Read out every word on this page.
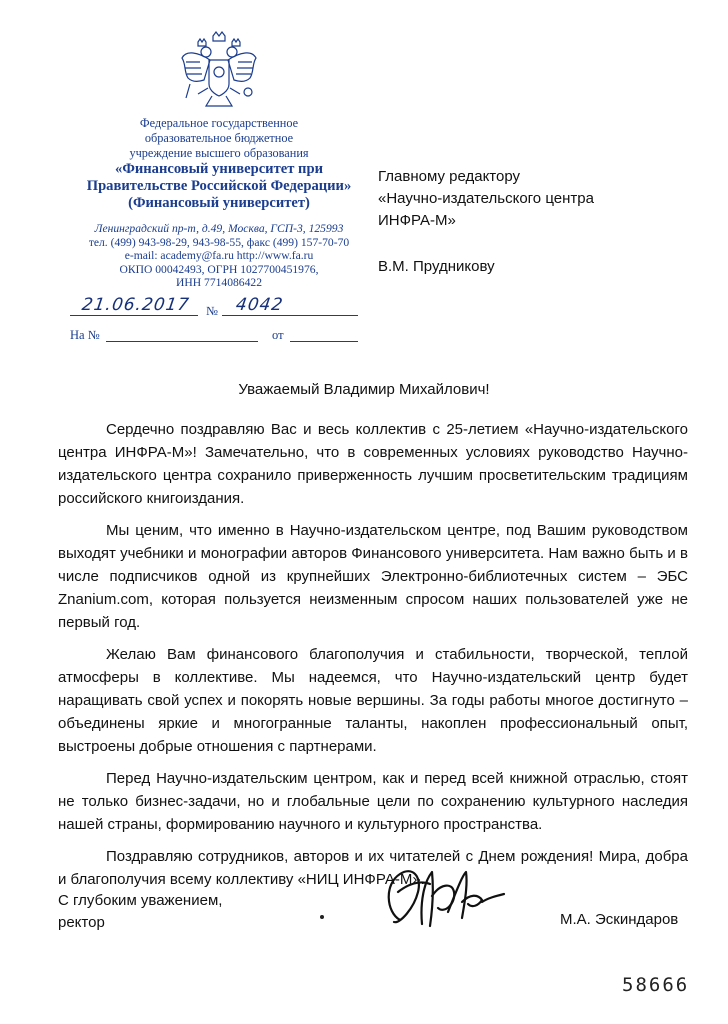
Федеральное государственное
образовательное бюджетное
учреждение высшего образования
«Финансовый университет при
Правительстве Российской Федерации»
(Финансовый университет)
Ленинградский пр-т, д.49, Москва, ГСП-3, 125993
тел. (499) 943-98-29, 943-98-55, факс (499) 157-70-70
e-mail: academy@fa.ru http://www.fa.ru
ОКПО 00042493, ОГРН 1027700451976,
ИНН 7714086422
21.06.2017 № 4042
На №	от
Главному редактору
«Научно-издательского центра
ИНФРА-М»
В.М. Прудникову
Уважаемый Владимир Михайлович!

Сердечно поздравляю Вас и весь коллектив с 25-летием «Научно-издательского центра ИНФРА-М»! Замечательно, что в современных условиях руководство Научно-издательского центра сохранило приверженность лучшим просветительским традициям российского книгоиздания.

Мы ценим, что именно в Научно-издательском центре, под Вашим руководством выходят учебники и монографии авторов Финансового университета. Нам важно быть и в числе подписчиков одной из крупнейших Электронно-библиотечных систем – ЭБС Znanium.com, которая пользуется неизменным спросом наших пользователей уже не первый год.

Желаю Вам финансового благополучия и стабильности, творческой, теплой атмосферы в коллективе. Мы надеемся, что Научно-издательский центр будет наращивать свой успех и покорять новые вершины. За годы работы многое достигнуто – объединены яркие и многогранные таланты, накоплен профессиональный опыт, выстроены добрые отношения с партнерами.

Перед Научно-издательским центром, как и перед всей книжной отраслью, стоят не только бизнес-задачи, но и глобальные цели по сохранению культурного наследия нашей страны, формированию научного и культурного пространства.

Поздравляю сотрудников, авторов и их читателей с Днем рождения! Мира, добра и благополучия всему коллективу «НИЦ ИНФРА-М».

С глубоким уважением,
ректор	М.А. Эскиндаров
58666
